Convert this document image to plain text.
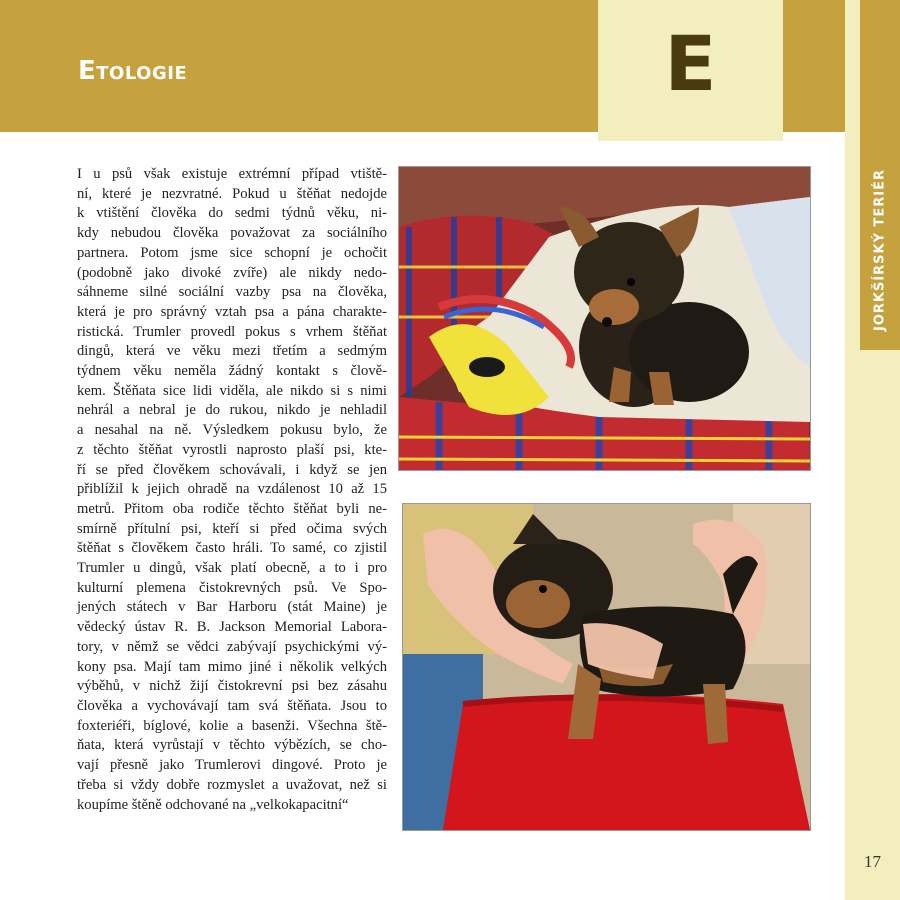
Etologie	E
JORKŠÍRSKÝ TERIÉR
I u psů však existuje extrémní případ vtiště-
ní, které je nezvratné. Pokud u štěňat nedojde
k vtištění člověka do sedmi týdnů věku, ni-
kdy nebudou člověka považovat za sociálního
partnera. Potom jsme sice schopní je ochočit
(podobně jako divoké zvíře) ale nikdy nedo-
sáhneme silné sociální vazby psa na člověka,
která je pro správný vztah psa a pána charakte-
ristická. Trumler provedl pokus s vrhem štěňat
dingů, která ve věku mezi třetím a sedmým
týdnem věku neměla žádný kontakt s člově-
kem. Štěňata sice lidi viděla, ale nikdo si s nimi
nehrál a nebral je do rukou, nikdo je nehladil
a nesahal na ně. Výsledkem pokusu bylo, že
z těchto štěňat vyrostli naprosto plaší psi, kte-
ří se před člověkem schovávali, i když se jen
přiblížil k jejich ohradě na vzdálenost 10 až 15
metrů. Přitom oba rodiče těchto štěňat byli ne-
smírně přítulní psi, kteří si před očima svých
štěňat s člověkem často hráli. To samé, co zjistil
Trumler u dingů, však platí obecně, a to i pro
kulturní plemena čistokrevných psů. Ve Spo-
jených státech v Bar Harboru (stát Maine) je
vědecký ústav R. B. Jackson Memorial Labora-
tory, v němž se vědci zabývají psychickými vý-
kony psa. Mají tam mimo jiné i několik velkých
výběhů, v nichž žijí čistokrevní psi bez zásahu
člověka a vychovávají tam svá štěňata. Jsou to
foxteriéři, bíglové, kolie a basenži. Všechna ště-
ňata, která vyrůstají v těchto výbězích, se cho-
vají přesně jako Trumlerovi dingové. Proto je
třeba si vždy dobře rozmyslet a uvažovat, než si
koupíme štěně odchované na „velkokapacitní“
17
